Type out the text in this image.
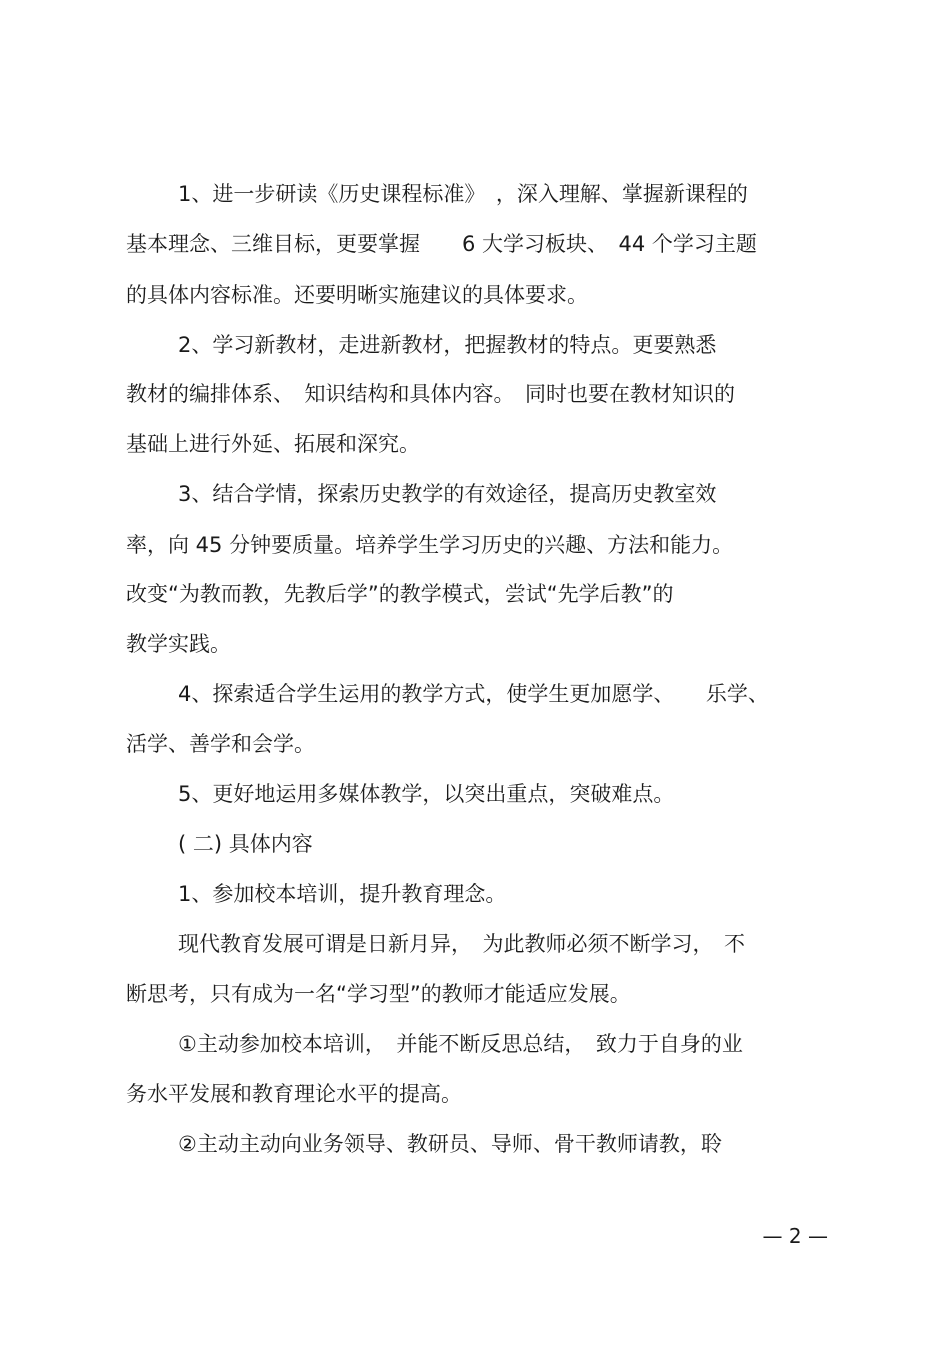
1、进一步研读《历史课程标准》　，深入理解、掌握新课程的
基本理念、三维目标，更要掌握　　6 大学习板块、　44 个学习主题
的具体内容标准。还要明晰实施建议的具体要求。
2、学习新教材，走进新教材，把握教材的特点。更要熟悉
教材的编排体系、　知识结构和具体内容。　同时也要在教材知识的
基础上进行外延、拓展和深究。
3、结合学情，探索历史教学的有效途径，提高历史教室效
率，向 45 分钟要质量。培养学生学习历史的兴趣、方法和能力。
改变“为教而教，先教后学”的教学模式，尝试“先学后教”的
教学实践。
4、探索适合学生运用的教学方式，使学生更加愿学、　　乐学、
活学、善学和会学。
5、更好地运用多媒体教学，以突出重点，突破难点。
( 二) 具体内容
1、参加校本培训，提升教育理念。
现代教育发展可谓是日新月异，　为此教师必须不断学习，　不
断思考，只有成为一名“学习型”的教师才能适应发展。
①主动参加校本培训，　并能不断反思总结，　致力于自身的业
务水平发展和教育理论水平的提高。
②主动主动向业务领导、教研员、导师、骨干教师请教，聆
— 2 —
